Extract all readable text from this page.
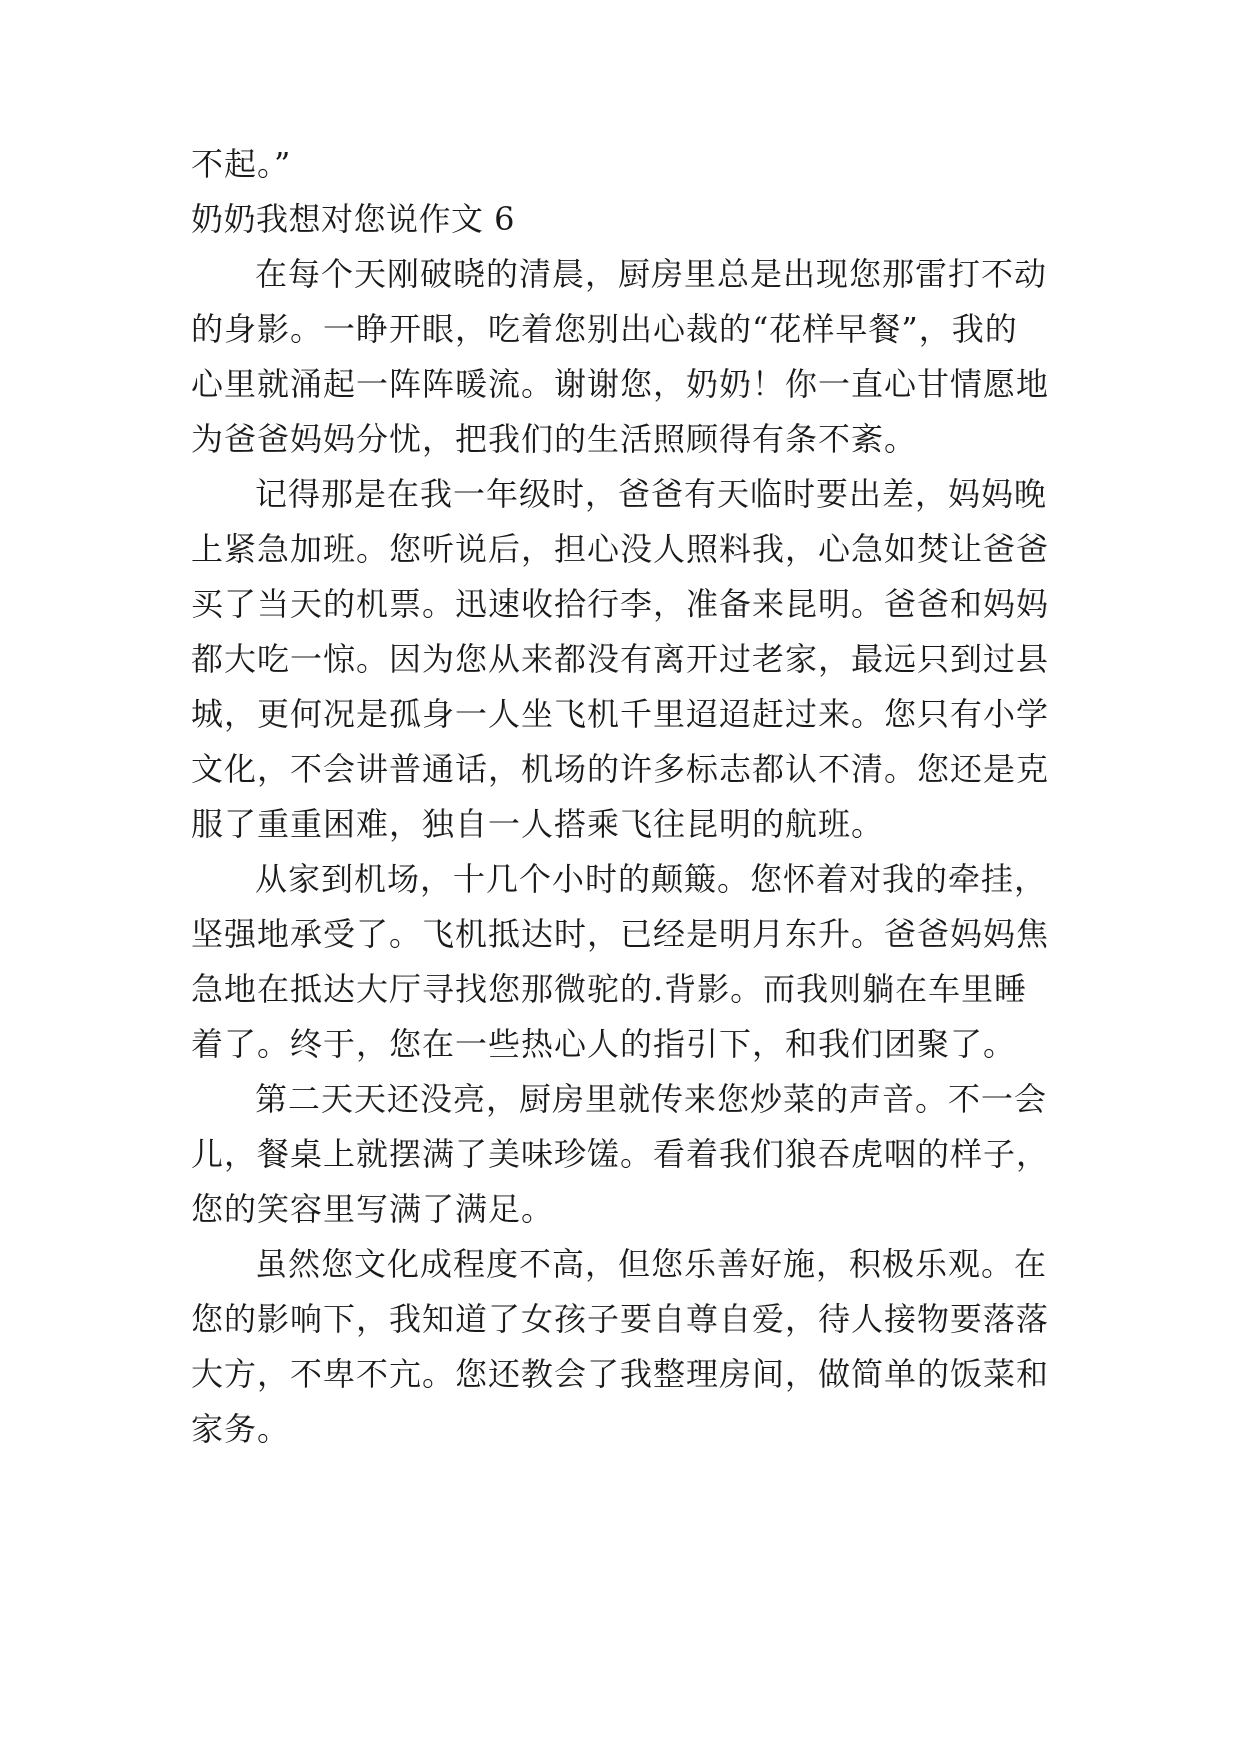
不起。”
奶奶我想对您说作文 6
在每个天刚破晓的清晨，厨房里总是出现您那雷打不动
的身影。一睁开眼，吃着您别出心裁的“花样早餐”，我的
心里就涌起一阵阵暖流。谢谢您，奶奶！你一直心甘情愿地
为爸爸妈妈分忧，把我们的生活照顾得有条不紊。
记得那是在我一年级时，爸爸有天临时要出差，妈妈晚
上紧急加班。您听说后，担心没人照料我，心急如焚让爸爸
买了当天的机票。迅速收拾行李，准备来昆明。爸爸和妈妈
都大吃一惊。因为您从来都没有离开过老家，最远只到过县
城，更何况是孤身一人坐飞机千里迢迢赶过来。您只有小学
文化，不会讲普通话，机场的许多标志都认不清。您还是克
服了重重困难，独自一人搭乘飞往昆明的航班。
从家到机场，十几个小时的颠簸。您怀着对我的牵挂，
坚强地承受了。飞机抵达时，已经是明月东升。爸爸妈妈焦
急地在抵达大厅寻找您那微驼的.背影。而我则躺在车里睡
着了。终于，您在一些热心人的指引下，和我们团聚了。
第二天天还没亮，厨房里就传来您炒菜的声音。不一会
儿，餐桌上就摆满了美味珍馐。看着我们狼吞虎咽的样子，
您的笑容里写满了满足。
虽然您文化成程度不高，但您乐善好施，积极乐观。在
您的影响下，我知道了女孩子要自尊自爱，待人接物要落落
大方，不卑不亢。您还教会了我整理房间，做简单的饭菜和
家务。
